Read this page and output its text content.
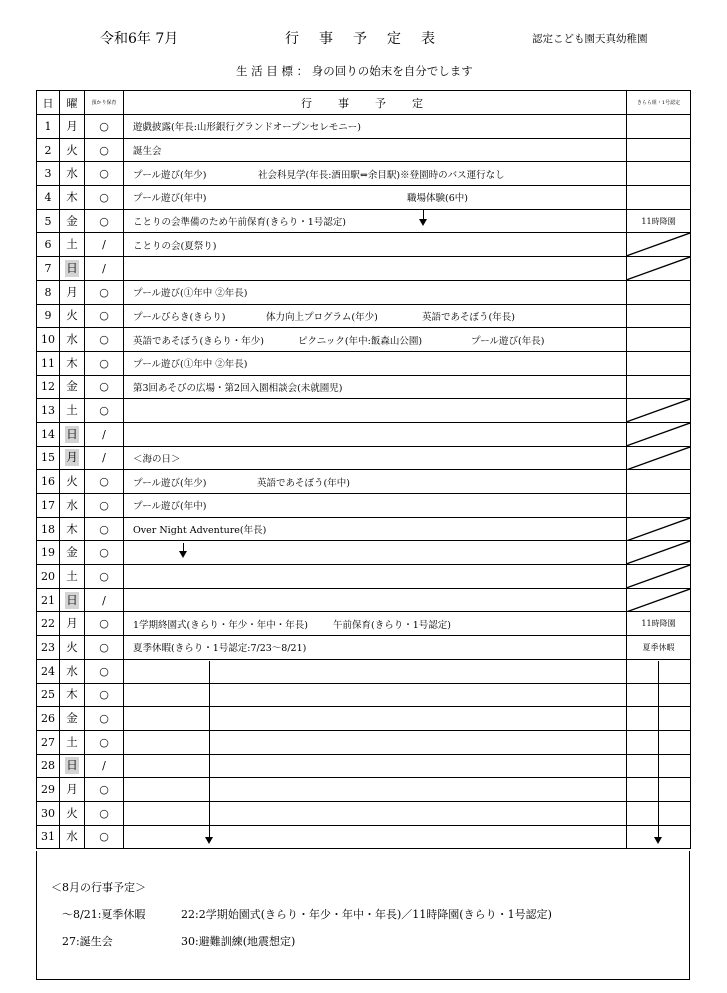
令和6年 7月	行事予定表	認定こども園天真幼稚園
生 活 目 標 ： 身の回りの始末を自分でします
日	曜	預かり保育	行事予定	きらら組・1号認定
1	月	○	遊戯披露(年長:山形銀行グランドオープンセレモニー)	
2	火	○	誕生会	
3	水	○	プール遊び(年少) 社会科見学(年長:酒田駅⇔余目駅)※登園時のバス運行なし	

4	木	○	プール遊び(年中) 職場体験(6中)	

5	金	○	ことりの会準備のため午前保育(きらり・1号認定)	11時降園
6	土	/	ことりの会(夏祭り)	

7	日	/		

8	月	○	プール遊び(①年中 ②年長)	
9	火	○	プールびらき(きらり) 体力向上プログラム(年少) 英語であそぼう(年長)	

10	水	○	英語であそぼう(きらり・年少) ピクニック(年中:飯森山公園) プール遊び(年長)	

11	木	○	プール遊び(①年中 ②年長)	
12	金	○	第3回あそびの広場・第2回入園相談会(未就園児)	
13	土	○		

14	日	/		

15	月	/	＜海の日＞	

16	火	○	プール遊び(年少) 英語であそぼう(年中)	

17	水	○	プール遊び(年中)	
18	木	○	Over Night Adventure(年長)	

19	金	○		

20	土	○		

21	日	/		

22	月	○	1学期終園式(きらり・年少・年中・年長) 午前保育(きらり・1号認定)	11時降園
23	火	○	夏季休暇(きらり・1号認定:7/23～8/21)	夏季休暇
24	水	○		
25	木	○		
26	金	○		
27	土	○		
28	日	/		
29	月	○		
30	火	○		
31	水	○		
＜8月の行事予定＞
～8/21:夏季休暇	22:2学期始園式(きらり・年少・年中・年長)／11時降園(きらり・1号認定)
27:誕生会	30:避難訓練(地震想定)
